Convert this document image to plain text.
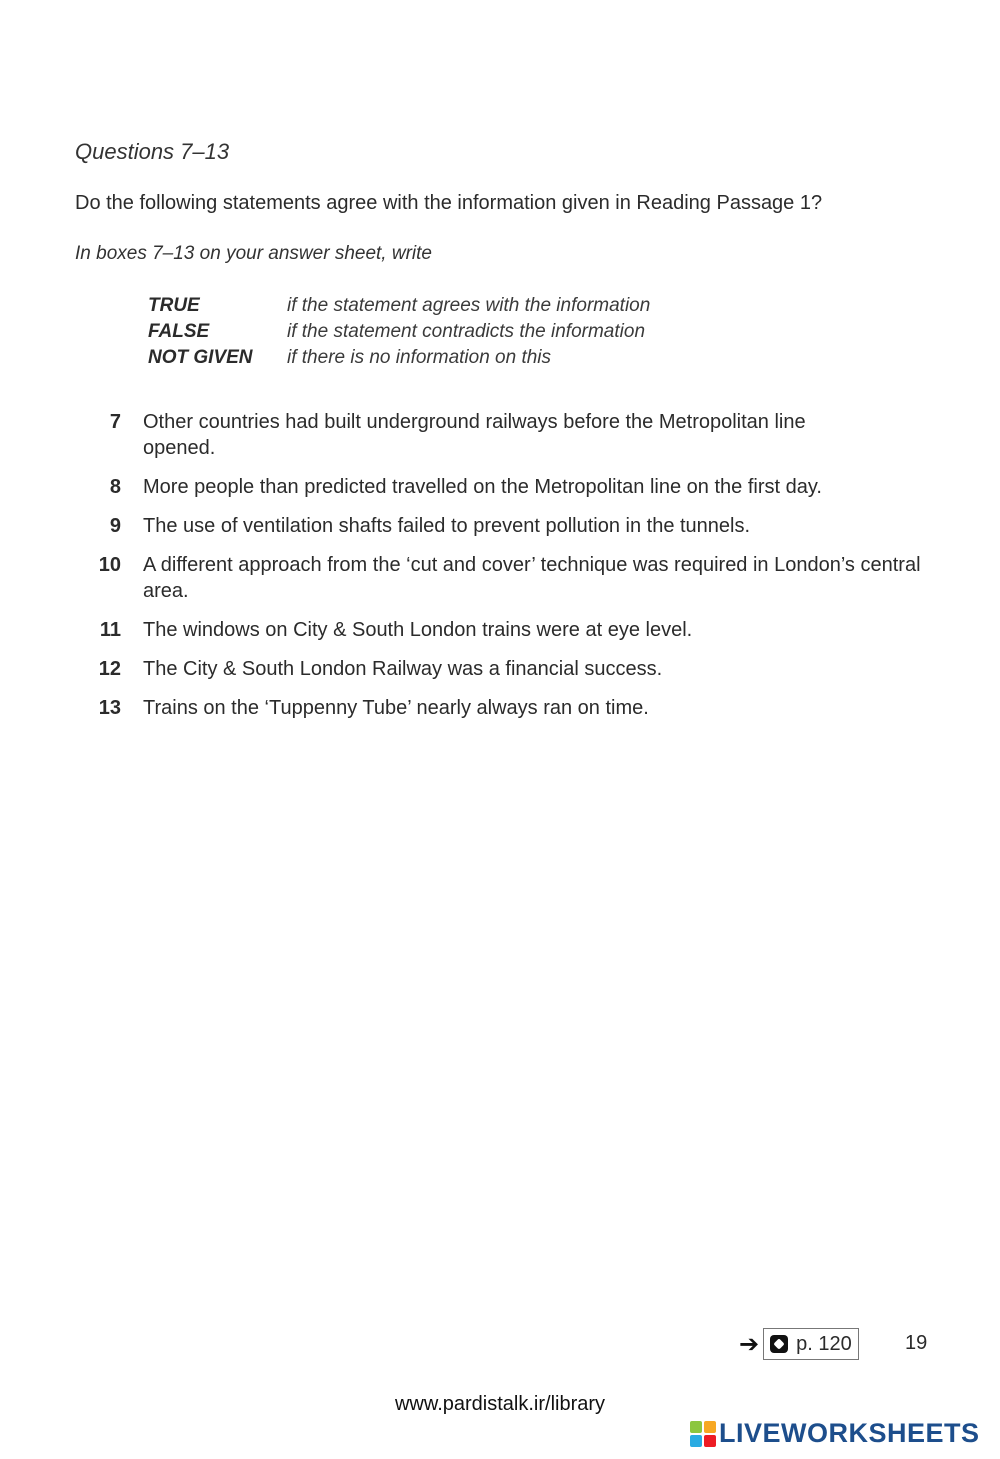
Questions 7–13
Do the following statements agree with the information given in Reading Passage 1?
In boxes 7–13 on your answer sheet, write
TRUE	if the statement agrees with the information
FALSE	if the statement contradicts the information
NOT GIVEN	if there is no information on this
7	Other countries had built underground railways before the Metropolitan line opened.
8	More people than predicted travelled on the Metropolitan line on the first day.
9	The use of ventilation shafts failed to prevent pollution in the tunnels.
10	A different approach from the ‘cut and cover’ technique was required in London’s central area.
11	The windows on City & South London trains were at eye level.
12	The City & South London Railway was a financial success.
13	Trains on the ‘Tuppenny Tube’ nearly always ran on time.
➔ p. 120	19
www.pardistalk.ir/library
LIVEWORKSHEETS
